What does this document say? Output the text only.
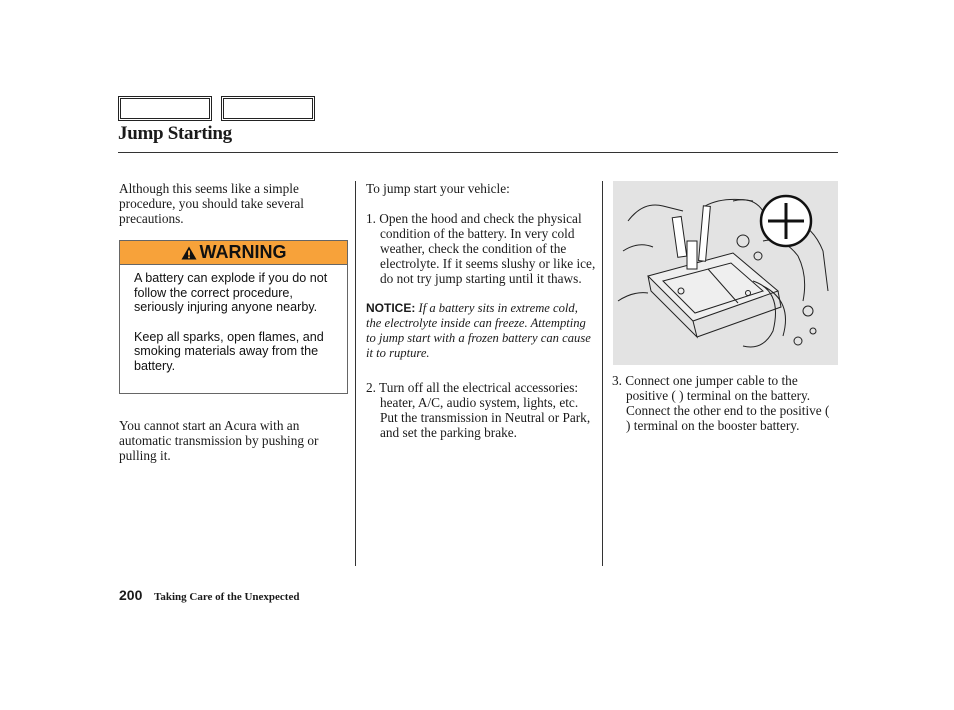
Jump Starting

Although this seems like a simple procedure, you should take several precautions.

WARNING

A battery can explode if you do not follow the correct procedure, seriously injuring anyone nearby.

Keep all sparks, open flames, and smoking materials away from the battery.

You cannot start an Acura with an automatic transmission by pushing or pulling it.

To jump start your vehicle:

1. Open the hood and check the physical condition of the battery. In very cold weather, check the condition of the electrolyte. If it seems slushy or like ice, do not try jump starting until it thaws.

NOTICE: If a battery sits in extreme cold, the electrolyte inside can freeze. Attempting to jump start with a frozen battery can cause it to rupture.

2. Turn off all the electrical accessories: heater, A/C, audio system, lights, etc.

Put the transmission in Neutral or Park, and set the parking brake.

3. Connect one jumper cable to the positive ( ) terminal on the battery. Connect the other end to the positive ( ) terminal on the booster battery.

200 Taking Care of the Unexpected
